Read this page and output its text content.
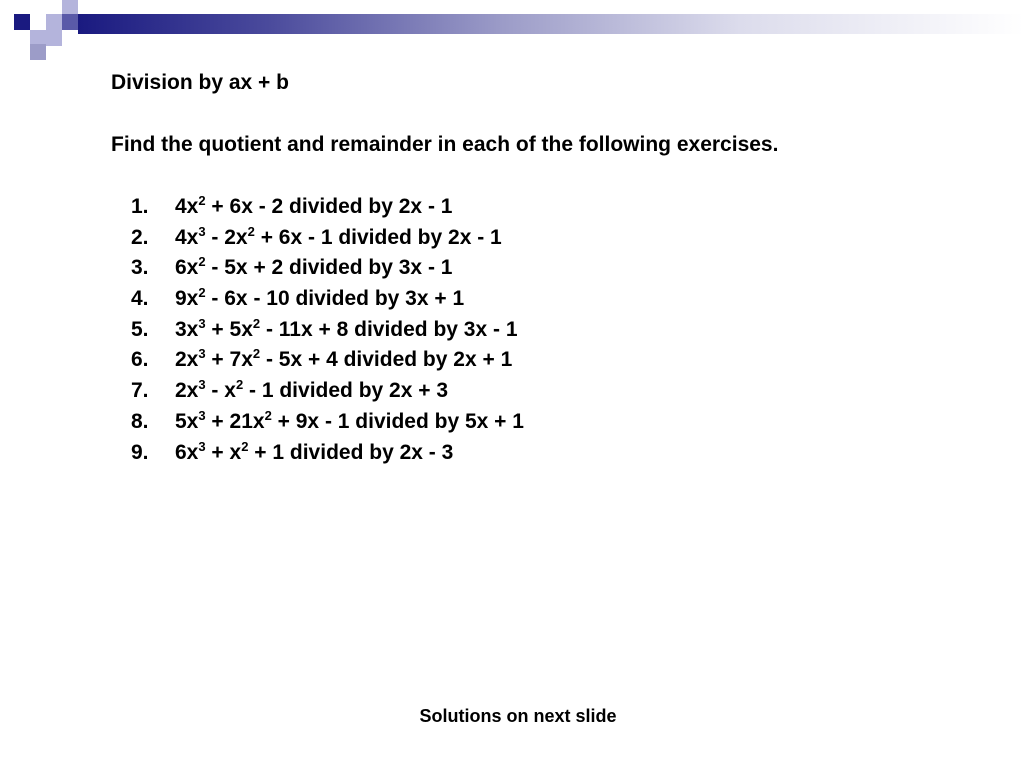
Division by ax + b
Find the quotient and remainder in each of the following exercises.
1. $4x^2 + 6x - 2$ divided by 2x - 1
2. $4x^3 - 2x^2 + 6x - 1$ divided by 2x - 1
3. $6x^2 - 5x + 2$ divided by 3x - 1
4. $9x^2 - 6x - 10$ divided by 3x + 1
5. $3x^3 + 5x^2 - 11x + 8$ divided by 3x - 1
6. $2x^3 + 7x^2 - 5x + 4$ divided by 2x + 1
7. $2x^3 - x^2 - 1$ divided by 2x + 3
8. $5x^3 + 21x^2 + 9x - 1$ divided by 5x + 1
9. $6x^3 + x^2 + 1$ divided by 2x - 3
Solutions on next slide
